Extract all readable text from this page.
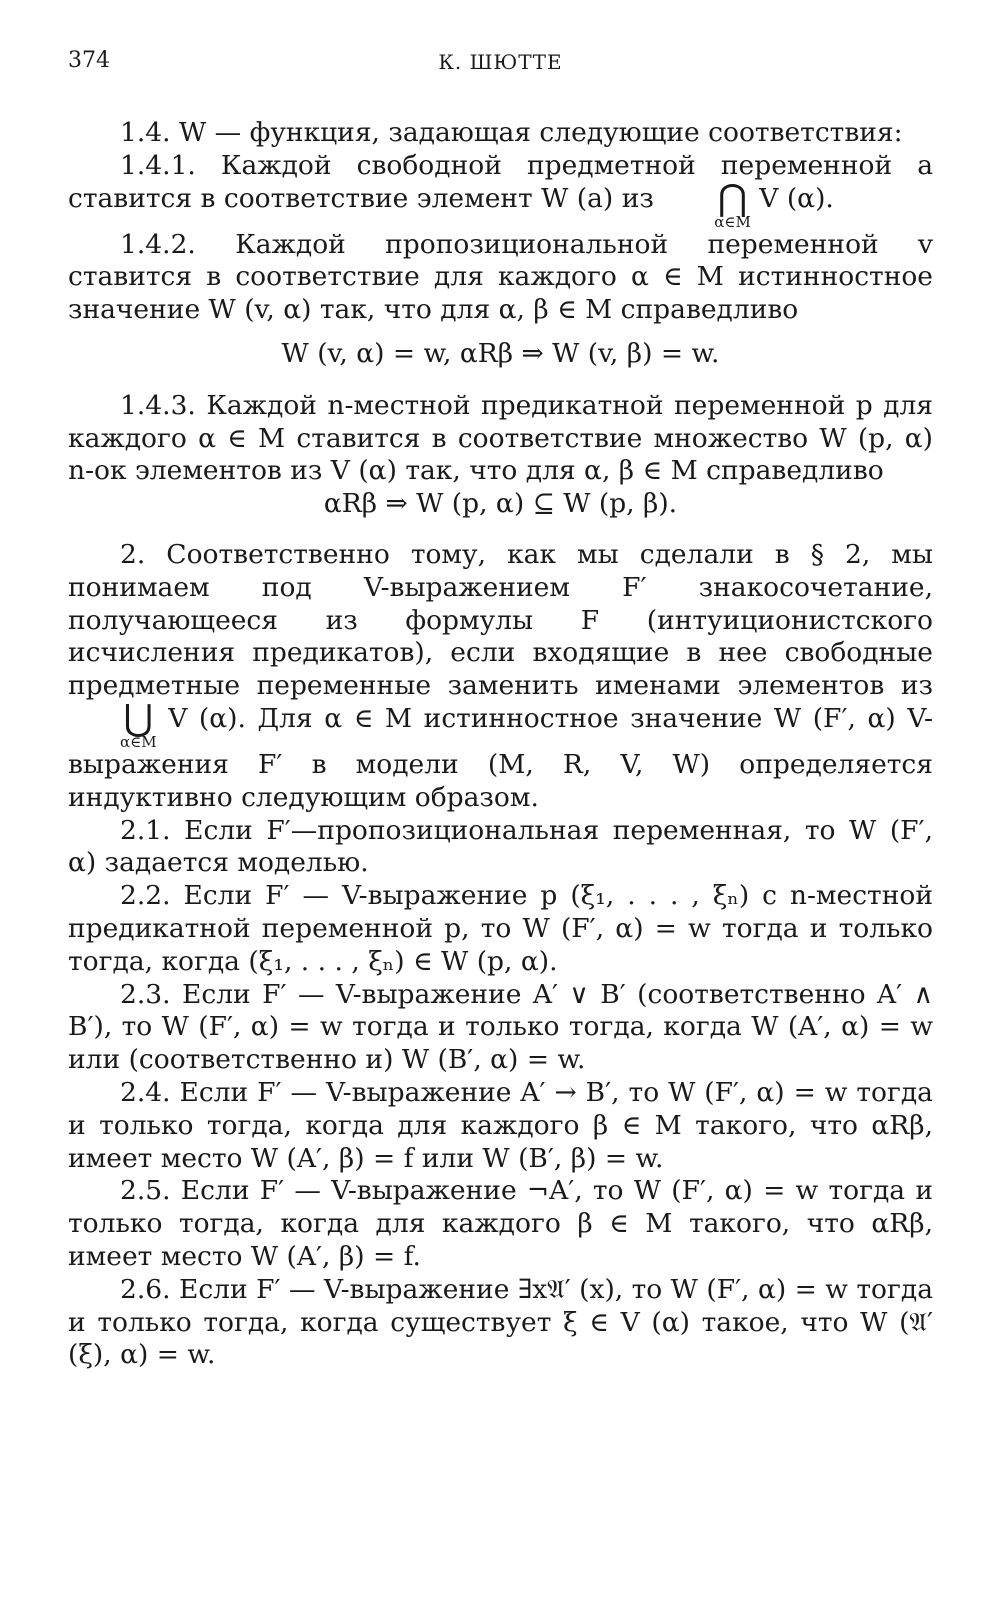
374	К. ШЮТТЕ

1.4. W — функция, задающая следующие соответствия:

1.4.1. Каждой свободной предметной переменной a ставится в соответствие элемент W (a) из	⋂
α∈M
V (α).

1.4.2. Каждой пропозициональной переменной v ставится в соответствие для каждого α ∈ M истинностное значение W (v, α) так, что для α, β ∈ M справедливо

W (v, α) = w, αRβ ⇒ W (v, β) = w.

1.4.3. Каждой n-местной предикатной переменной p для каждого α ∈ M ставится в соответствие множество W (p, α) n-ок элементов из V (α) так, что для α, β ∈ M справедливо

αRβ ⇒ W (p, α) ⊆ W (p, β).

2. Соответственно тому, как мы сделали в § 2, мы понимаем под V-выражением F′ знакосочетание, получающееся из формулы F (интуиционистского исчисления предикатов), если входящие в нее свободные предметные переменные заменить именами элементов из
⋃
α∈M
V (α). Для α ∈ M истинностное значение W (F′, α) V-выражения F′ в модели (M, R, V, W) определяется индуктивно следующим образом.

2.1. Если F′—пропозициональная переменная, то W (F′, α) задается моделью.

2.2. Если F′ — V-выражение p (ξ₁, . . . , ξₙ) с n-местной предикатной переменной p, то W (F′, α) = w тогда и только тогда, когда (ξ₁, . . . , ξₙ) ∈ W (p, α).

2.3. Если F′ — V-выражение A′ ∨ B′ (соответственно A′ ∧ B′), то W (F′, α) = w тогда и только тогда, когда W (A′, α) = w или (соответственно и) W (B′, α) = w.

2.4. Если F′ — V-выражение A′ → B′, то W (F′, α) = w тогда и только тогда, когда для каждого β ∈ M такого, что αRβ, имеет место W (A′, β) = f или W (B′, β) = w.

2.5. Если F′ — V-выражение ¬A′, то W (F′, α) = w тогда и только тогда, когда для каждого β ∈ M такого, что αRβ, имеет место W (A′, β) = f.

2.6. Если F′ — V-выражение ∃x𝔄′ (x), то W (F′, α) = w тогда и только тогда, когда существует ξ ∈ V (α) такое, что W (𝔄′ (ξ), α) = w.
